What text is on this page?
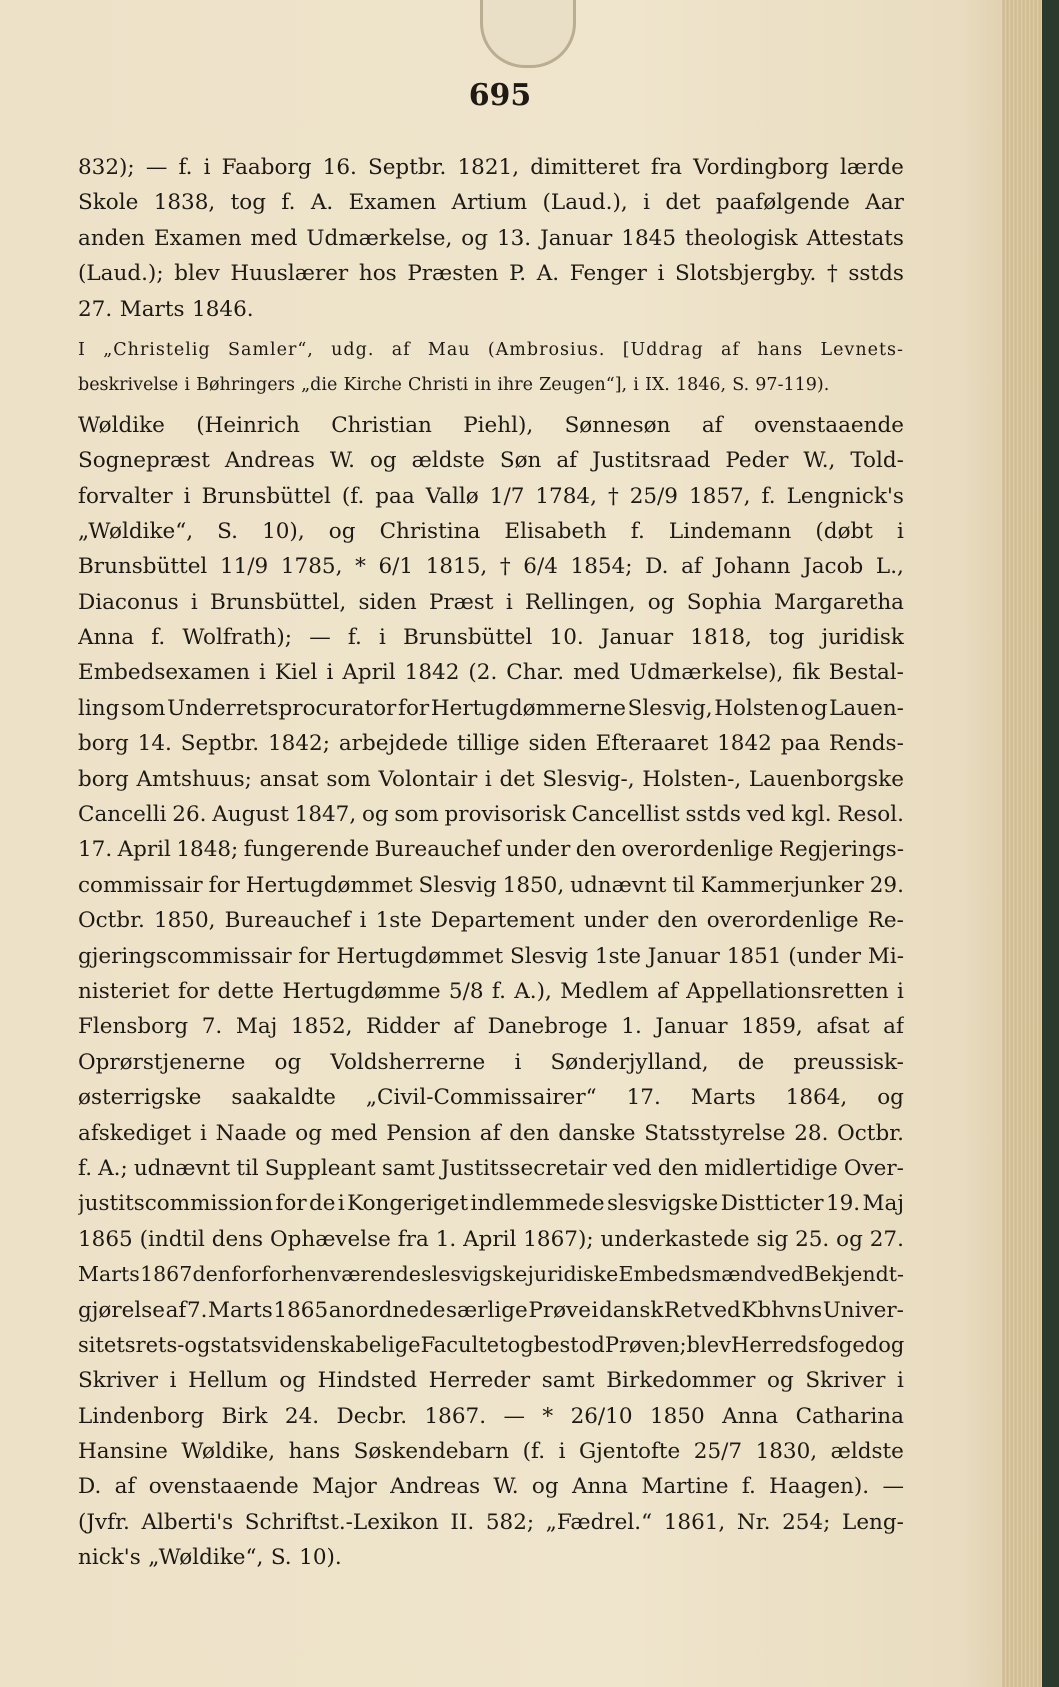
695
832); — f. i Faaborg 16. Septbr. 1821, dimitteret fra Vordingborg lærde
Skole 1838, tog f. A. Examen Artium (Laud.), i det paafølgende Aar
anden Examen med Udmærkelse, og 13. Januar 1845 theologisk Attestats
(Laud.); blev Huuslærer hos Præsten P. A. Fenger i Slotsbjergby. † sstds
27. Marts 1846.
I „Christelig Samler“, udg. af Mau (Ambrosius. [Uddrag af hans Levnets-
beskrivelse i Bøhringers „die Kirche Christi in ihre Zeugen“], i IX. 1846, S. 97-119).
Wøldike (Heinrich Christian Piehl), Sønnesøn af ovenstaaende
Sognepræst Andreas W. og ældste Søn af Justitsraad Peder W., Told-
forvalter i Brunsbüttel (f. paa Vallø 1/7 1784, † 25/9 1857, f. Lengnick's
„Wøldike“, S. 10), og Christina Elisabeth f. Lindemann (døbt i
Brunsbüttel 11/9 1785, * 6/1 1815, † 6/4 1854; D. af Johann Jacob L.,
Diaconus i Brunsbüttel, siden Præst i Rellingen, og Sophia Margaretha
Anna f. Wolfrath); — f. i Brunsbüttel 10. Januar 1818, tog juridisk
Embedsexamen i Kiel i April 1842 (2. Char. med Udmærkelse), fik Bestal-
ling som Underretsprocurator for Hertugdømmerne Slesvig, Holsten og Lauen-
borg 14. Septbr. 1842; arbejdede tillige siden Efteraaret 1842 paa Rends-
borg Amtshuus; ansat som Volontair i det Slesvig-, Holsten-, Lauenborgske
Cancelli 26. August 1847, og som provisorisk Cancellist sstds ved kgl. Resol.
17. April 1848; fungerende Bureauchef under den overordenlige Regjerings-
commissair for Hertugdømmet Slesvig 1850, udnævnt til Kammerjunker 29.
Octbr. 1850, Bureauchef i 1ste Departement under den overordenlige Re-
gjeringscommissair for Hertugdømmet Slesvig 1ste Januar 1851 (under Mi-
nisteriet for dette Hertugdømme 5/8 f. A.), Medlem af Appellationsretten i
Flensborg 7. Maj 1852, Ridder af Danebroge 1. Januar 1859, afsat af
Oprørstjenerne og Voldsherrerne i Sønderjylland, de preussisk-
østerrigske saakaldte „Civil-Commissairer“ 17. Marts 1864, og
afskediget i Naade og med Pension af den danske Statsstyrelse 28. Octbr.
f. A.; udnævnt til Suppleant samt Justitssecretair ved den midlertidige Over-
justitscommission for de i Kongeriget indlemmede slesvigske Distticter 19. Maj
1865 (indtil dens Ophævelse fra 1. April 1867); underkastede sig 25. og 27.
Marts 1867 den for forhenværende slesvigske juridiske Embedsmænd ved Bekjendt-
gjørelse af 7. Marts 1865 anordnede særlige Prøve i dansk Ret ved Kbhvns Univer-
sitets rets- og statsvidenskabelige Facultet og bestod Prøven; blev Herredsfoged og
Skriver i Hellum og Hindsted Herreder samt Birkedommer og Skriver i
Lindenborg Birk 24. Decbr. 1867. — * 26/10 1850 Anna Catharina
Hansine Wøldike, hans Søskendebarn (f. i Gjentofte 25/7 1830, ældste
D. af ovenstaaende Major Andreas W. og Anna Martine f. Haagen). —
(Jvfr. Alberti's Schriftst.-Lexikon II. 582; „Fædrel.“ 1861, Nr. 254; Leng-
nick's „Wøldike“, S. 10).
